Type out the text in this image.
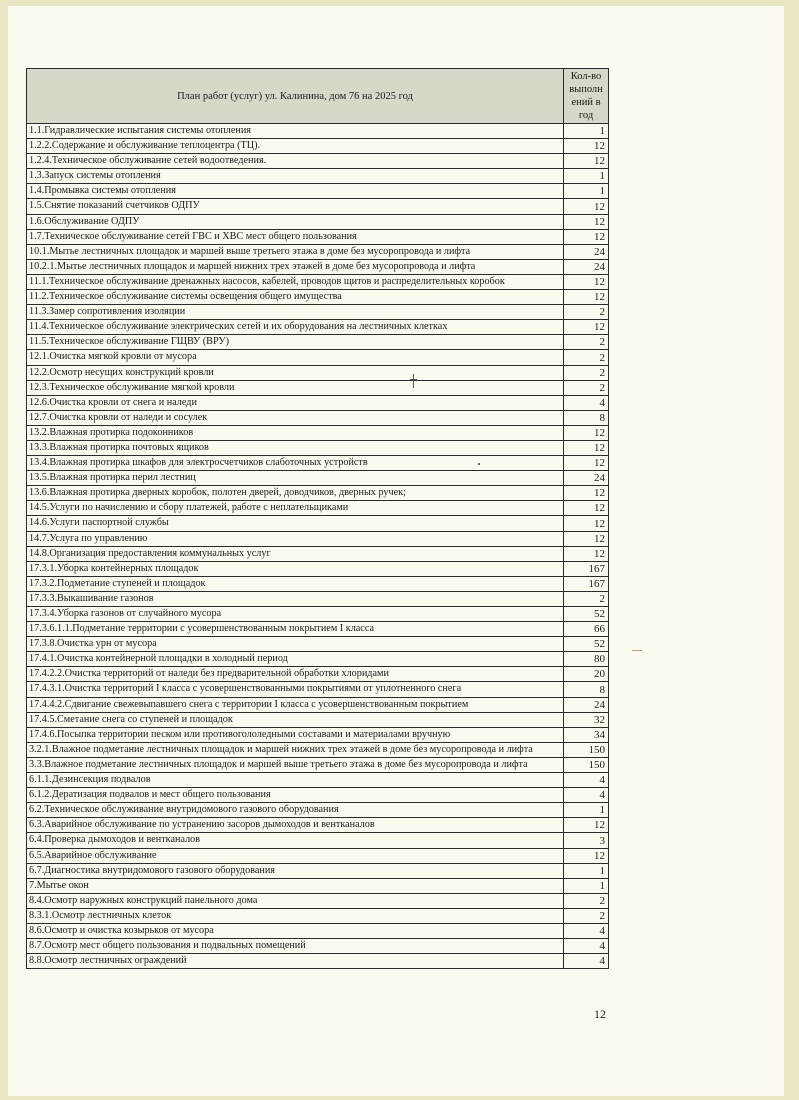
План работ (услуг) ул. Калинина, дом 76 на 2025 год	Кол-во выполн ений в год
1.1.Гидравлические испытания системы отопления	1
1.2.2.Содержание и обслуживание теплоцентра (ТЦ).	12
1.2.4.Техническое обслуживание сетей водоотведения.	12
1.3.Запуск системы отопления	1
1.4.Промывка системы отопления	1
1.5.Снятие показаний счетчиков ОДПУ	12
1.6.Обслуживание ОДПУ	12
1.7.Техническое обслуживание сетей ГВС и ХВС мест общего пользования	12
10.1.Мытье лестничных площадок и маршей выше третьего этажа в доме без мусоропровода и лифта	24
10.2.1.Мытье лестничных площадок и маршей нижних трех этажей в доме без мусоропровода и лифта	24
11.1.Техническое обслуживание дренажных насосов, кабелей, проводов щитов и распределительных коробок	12
11.2.Техническое обслуживание системы освещения общего имущества	12
11.3.Замер сопротивления изоляции	2
11.4.Техническое обслуживание электрических сетей и их оборудования на лестничных клетках	12
11.5.Техническое обслуживание ГЩВУ (ВРУ)	2
12.1.Очистка мягкой кровли от мусора	2
12.2.Осмотр несущих конструкций кровли	2
12.3.Техническое обслуживание мягкой кровли	2
12.6.Очистка кровли от снега и наледи	4
12.7.Очистка кровли от наледи и сосулек	8
13.2.Влажная протирка подоконников	12
13.3.Влажная протирка почтовых ящиков	12
13.4.Влажная протирка шкафов для электросчетчиков слаботочных устройств	12
13.5.Влажная протирка перил лестниц	24
13.6.Влажная протирка дверных коробок, полотен дверей, доводчиков, дверных ручек;	12
14.5.Услуги по начислению и сбору платежей, работе с неплательщиками	12
14.6.Услуги паспортной службы	12
14.7.Услуга по управлению	12
14.8.Организация предоставления коммунальных услуг	12
17.3.1.Уборка контейнерных площадок	167
17.3.2.Подметание ступеней и площадок	167
17.3.3.Выкашивание газонов	2
17.3.4.Уборка газонов от случайного мусора	52
17.3.6.1.1.Подметание территории с усовершенствованным покрытием I класса	66
17.3.8.Очистка урн от мусора	52
17.4.1.Очистка контейнерной площадки в холодный период	80
17.4.2.2.Очистка территорий от наледи без предварительной обработки хлоридами	20
17.4.3.1.Очистка территорий I класса с усовершенствованными покрытиями от уплотненного снега	8
17.4.4.2.Сдвигание свежевыпавшего снега с территории I класса с усовершенствованным покрытием	24
17.4.5.Сметание снега со ступеней и площадок	32
17.4.6.Посыпка территории песком или противогололедными составами и материалами вручную	34
3.2.1.Влажное подметание лестничных площадок и маршей нижних трех этажей в доме без мусоропровода и лифта	150
3.3.Влажное подметание лестничных площадок и маршей выше третьего этажа в доме без мусоропровода и лифта	150
6.1.1.Дезинсекция подвалов	4
6.1.2.Дератизация подвалов и мест общего пользования	4
6.2.Техническое обслуживание внутридомового газового оборудования	1
6.3.Аварийное обслуживание по устранению засоров дымоходов и вентканалов	12
6.4.Проверка дымоходов и вентканалов	3
6.5.Аварийное обслуживание	12
6.7.Диагностика внутридомового газового оборудования	1
7.Мытье окон	1
8.4.Осмотр наружных конструкций панельного дома	2
8.3.1.Осмотр лестничных клеток	2
8.6.Осмотр и очистка козырьков от мусора	4
8.7.Осмотр мест общего пользования и подвальных помещений	4
8.8.Осмотр лестничных ограждений	4
12
